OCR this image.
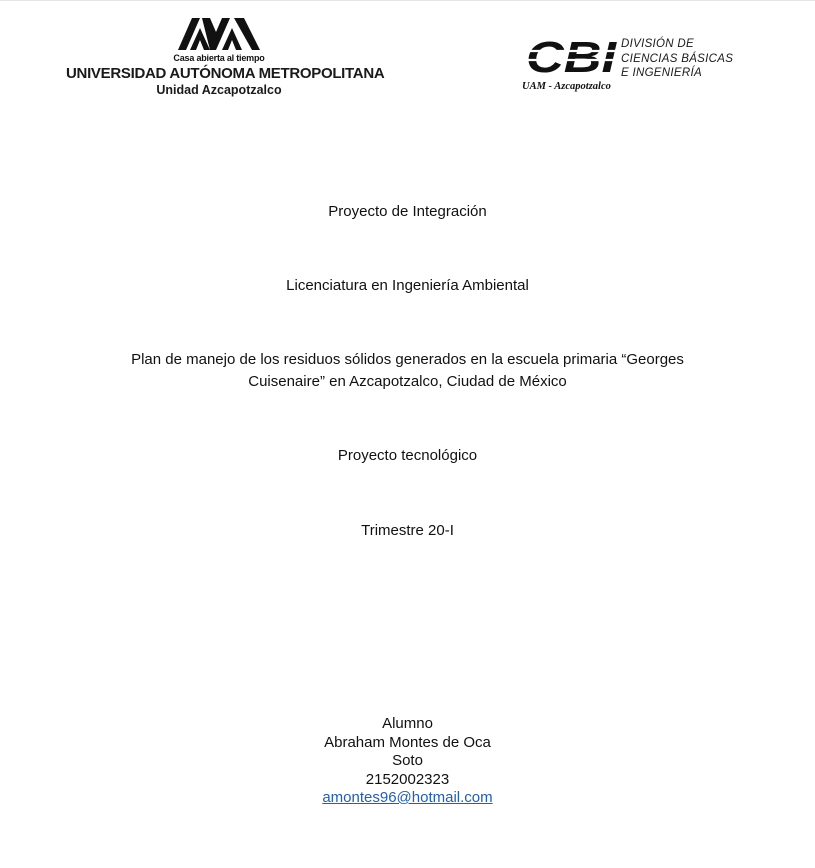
Casa abierta al tiempo
UNIVERSIDAD AUTÓNOMA METROPOLITANA
Unidad Azcapotzalco
CBI DIVISIÓN DE
CIENCIAS BÁSICAS
E INGENIERÍA
UAM - Azcapotzalco
Proyecto de Integración
Licenciatura en Ingeniería Ambiental
Plan de manejo de los residuos sólidos generados en la escuela primaria “Georges
Cuisenaire” en Azcapotzalco, Ciudad de México
Proyecto tecnológico
Trimestre 20-I
Alumno
Abraham Montes de Oca
Soto
2152002323
amontes96@hotmail.com
